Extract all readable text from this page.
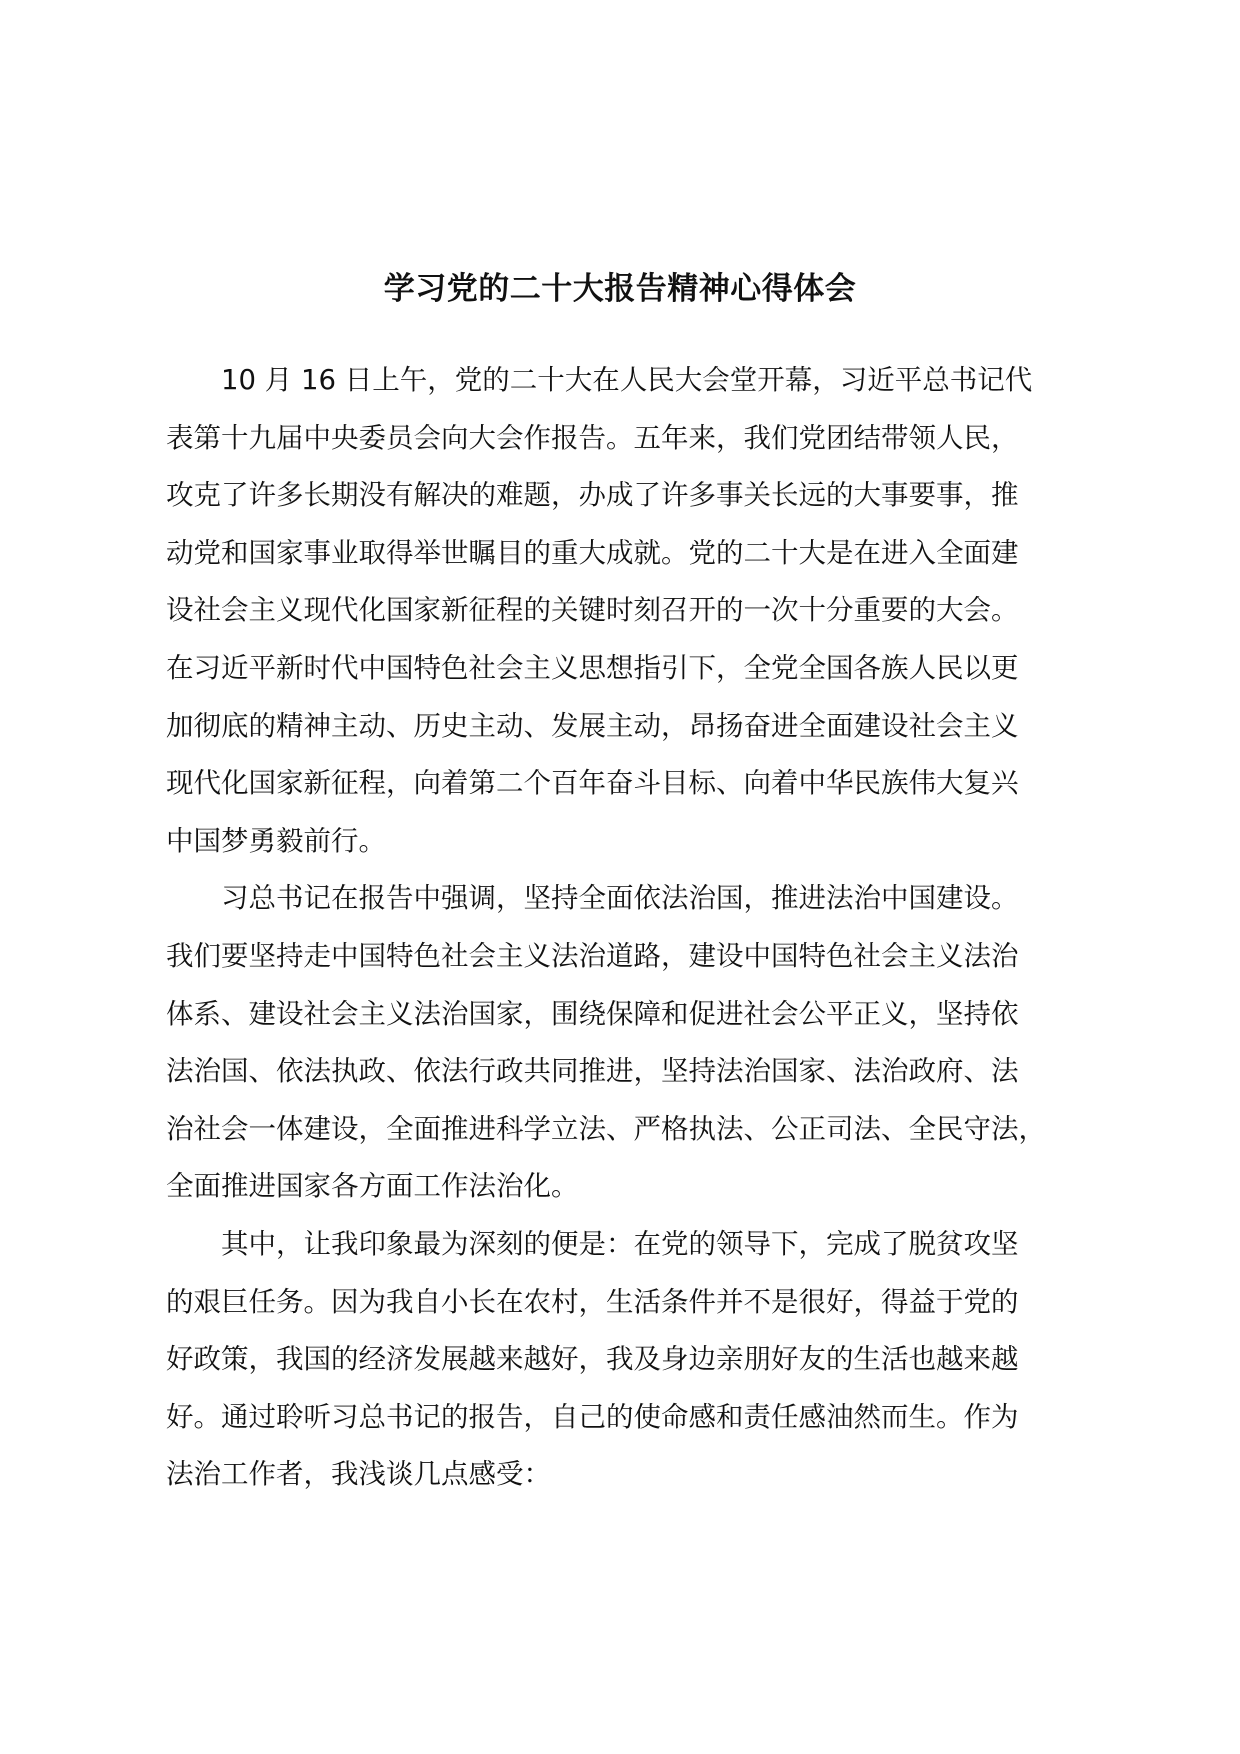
学习党的二十大报告精神心得体会
　　10 月 16 日上午，党的二十大在人民大会堂开幕，习近平总书记代
表第十九届中央委员会向大会作报告。五年来，我们党团结带领人民，
攻克了许多长期没有解决的难题，办成了许多事关长远的大事要事，推
动党和国家事业取得举世瞩目的重大成就。党的二十大是在进入全面建
设社会主义现代化国家新征程的关键时刻召开的一次十分重要的大会。
在习近平新时代中国特色社会主义思想指引下，全党全国各族人民以更
加彻底的精神主动、历史主动、发展主动，昂扬奋进全面建设社会主义
现代化国家新征程，向着第二个百年奋斗目标、向着中华民族伟大复兴
中国梦勇毅前行。
　　习总书记在报告中强调，坚持全面依法治国，推进法治中国建设。
我们要坚持走中国特色社会主义法治道路，建设中国特色社会主义法治
体系、建设社会主义法治国家，围绕保障和促进社会公平正义，坚持依
法治国、依法执政、依法行政共同推进，坚持法治国家、法治政府、法
治社会一体建设，全面推进科学立法、严格执法、公正司法、全民守法，
全面推进国家各方面工作法治化。
　　其中，让我印象最为深刻的便是：在党的领导下，完成了脱贫攻坚
的艰巨任务。因为我自小长在农村，生活条件并不是很好，得益于党的
好政策，我国的经济发展越来越好，我及身边亲朋好友的生活也越来越
好。通过聆听习总书记的报告，自己的使命感和责任感油然而生。作为
法治工作者，我浅谈几点感受：
